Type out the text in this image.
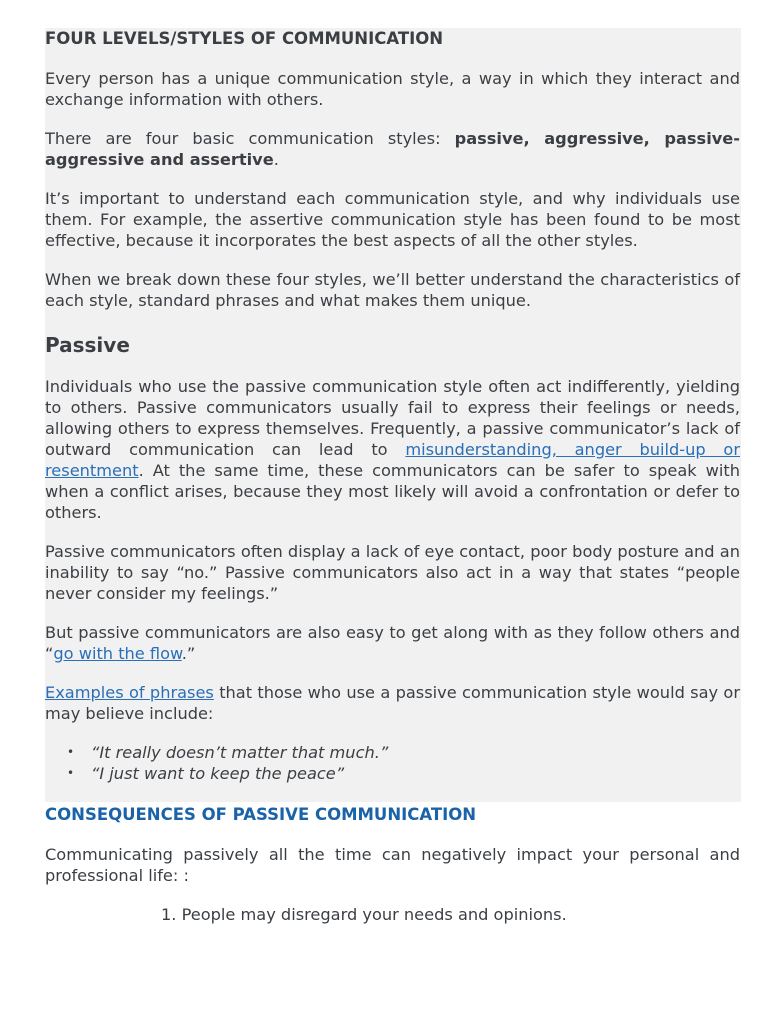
FOUR LEVELS/STYLES OF COMMUNICATION

Every person has a unique communication style, a way in which they interact and exchange information with others.

There are four basic communication styles: passive, aggressive, passive-aggressive and assertive.

It’s important to understand each communication style, and why individuals use them. For example, the assertive communication style has been found to be most effective, because it incorporates the best aspects of all the other styles.

When we break down these four styles, we’ll better understand the characteristics of each style, standard phrases and what makes them unique.

Passive

Individuals who use the passive communication style often act indifferently, yielding to others. Passive communicators usually fail to express their feelings or needs, allowing others to express themselves. Frequently, a passive communicator’s lack of outward communication can lead to misunderstanding, anger build-up or resentment. At the same time, these communicators can be safer to speak with when a conflict arises, because they most likely will avoid a confrontation or defer to others.

Passive communicators often display a lack of eye contact, poor body posture and an inability to say “no.” Passive communicators also act in a way that states “people never consider my feelings.”

But passive communicators are also easy to get along with as they follow others and “go with the flow.”

Examples of phrases that those who use a passive communication style would say or may believe include:

• “It really doesn’t matter that much.”
• “I just want to keep the peace”
CONSEQUENCES OF PASSIVE COMMUNICATION

Communicating passively all the time can negatively impact your personal and professional life: :

1. People may disregard your needs and opinions.
